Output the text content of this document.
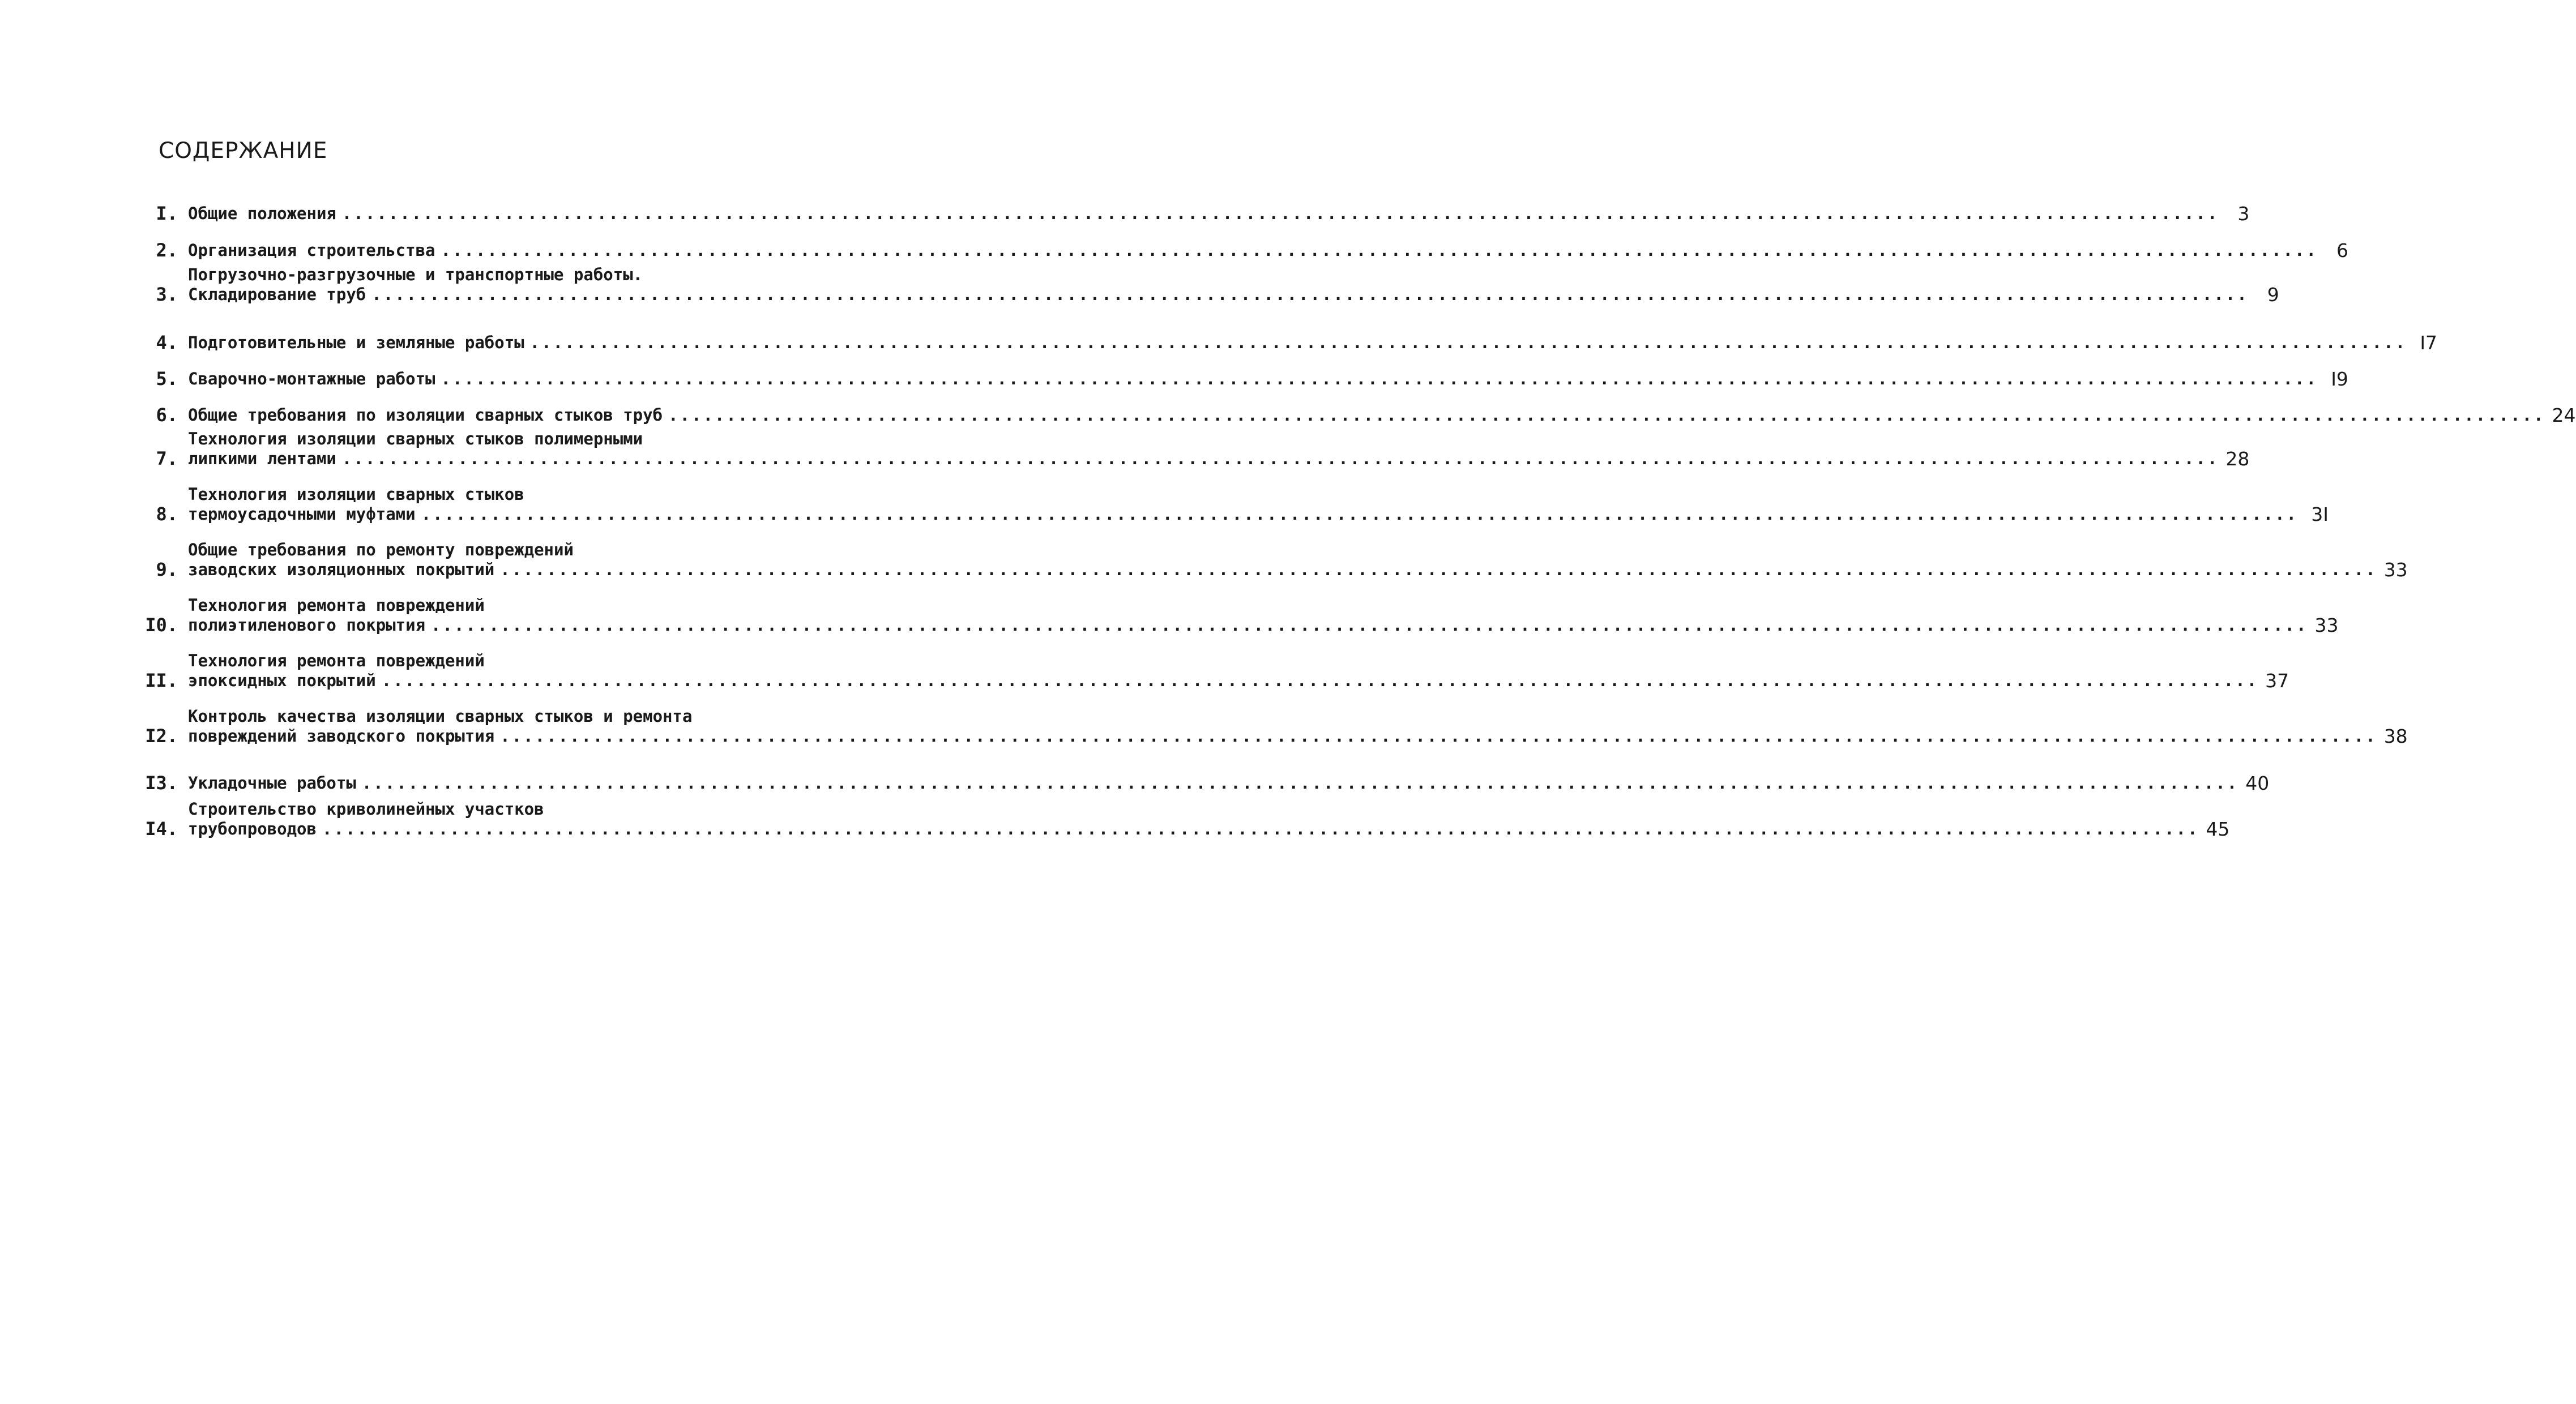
СОДЕРЖАНИЕ
I. Общие положения .....	3
2. Организация строительства .....	6
3.
Погрузочно-разгрузочные и транспортные работы.
Складирование труб .....	9
4. Подготовительные и земляные работы .....	I7
5. Сварочно-монтажные работы .....	I9
6. Общие требования по изоляции сварных стыков труб .....	24
7.
Технология изоляции сварных стыков полимерными
липкими лентами .....	28
8.
Технология изоляции сварных стыков
термоусадочными муфтами .....	3I
9.
Общие требования по ремонту повреждений
заводских изоляционных покрытий .....	33
I0.
Технология ремонта повреждений
полиэтиленового покрытия .....	33
II.
Технология ремонта повреждений
эпоксидных покрытий .....	37
I2.
Контроль качества изоляции сварных стыков и ремонта
повреждений заводского покрытия .....	38
I3. Укладочные работы .....	40
I4.
Строительство криволинейных участков
трубопроводов .....	45
